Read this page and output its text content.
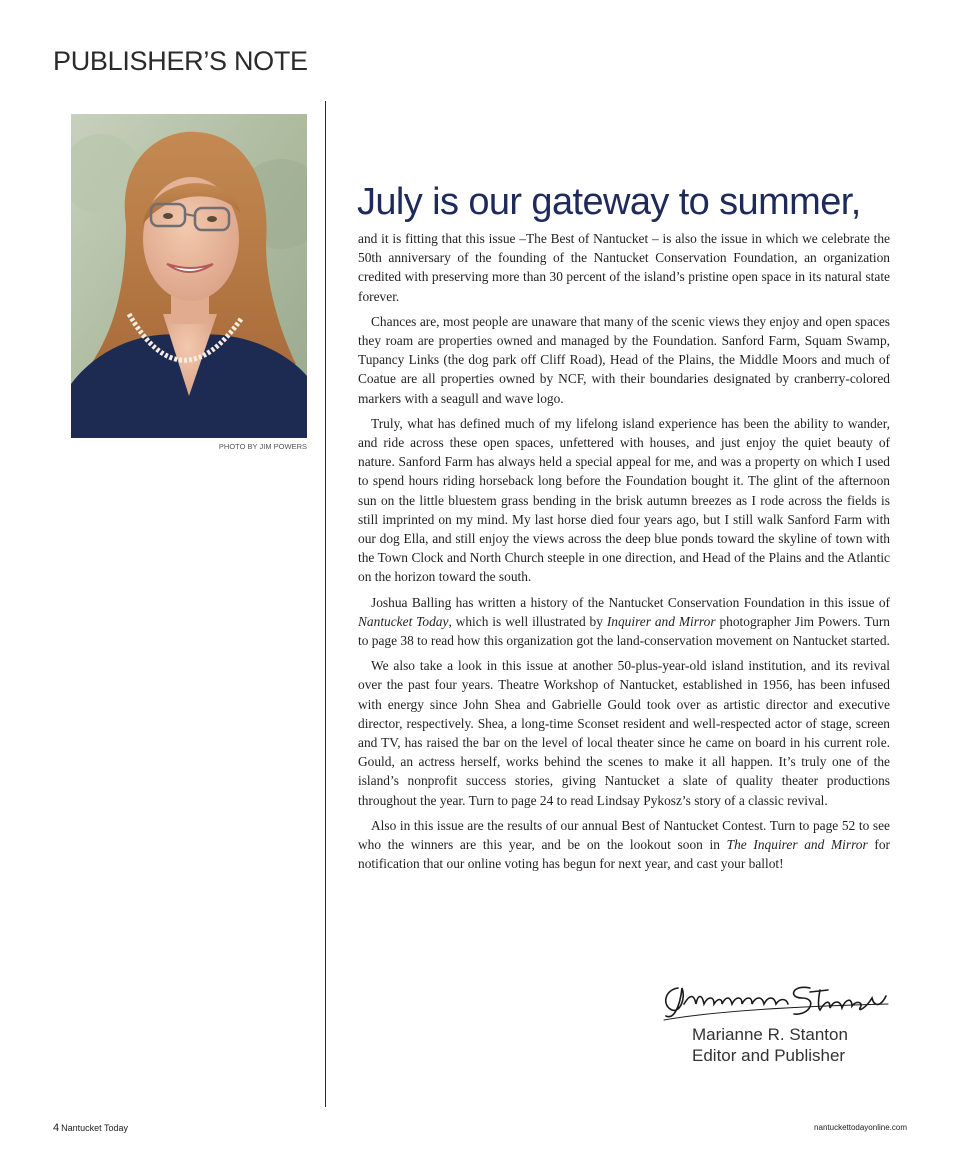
PUBLISHER’S NOTE
PHOTO BY JIM POWERS
July is our gateway to summer,

and it is fitting that this issue –The Best of Nantucket – is also the issue in which we celebrate the 50th anniversary of the founding of the Nantucket Conservation Foundation, an organization credited with preserving more than 30 percent of the island’s pristine open space in its natural state forever.

Chances are, most people are unaware that many of the scenic views they enjoy and open spaces they roam are properties owned and managed by the Foundation. Sanford Farm, Squam Swamp, Tupancy Links (the dog park off Cliff Road), Head of the Plains, the Middle Moors and much of Coatue are all properties owned by NCF, with their boundaries designated by cranberry-colored markers with a seagull and wave logo.

Truly, what has defined much of my lifelong island experience has been the ability to wander, and ride across these open spaces, unfettered with houses, and just enjoy the quiet beauty of nature. Sanford Farm has always held a special appeal for me, and was a property on which I used to spend hours riding horseback long before the Foundation bought it. The glint of the afternoon sun on the little bluestem grass bending in the brisk autumn breezes as I rode across the fields is still imprinted on my mind. My last horse died four years ago, but I still walk Sanford Farm with our dog Ella, and still enjoy the views across the deep blue ponds toward the skyline of town with the Town Clock and North Church steeple in one direction, and Head of the Plains and the Atlantic on the horizon toward the south.

Joshua Balling has written a history of the Nantucket Conservation Foundation in this issue of Nantucket Today, which is well illustrated by Inquirer and Mirror photographer Jim Powers. Turn to page 38 to read how this organization got the land-conservation movement on Nantucket started.

We also take a look in this issue at another 50-plus-year-old island institution, and its revival over the past four years. Theatre Workshop of Nantucket, established in 1956, has been infused with energy since John Shea and Gabrielle Gould took over as artistic director and executive director, respectively. Shea, a long-time Sconset resident and well-respected actor of stage, screen and TV, has raised the bar on the level of local theater since he came on board in his current role. Gould, an actress herself, works behind the scenes to make it all happen. It’s truly one of the island’s nonprofit success stories, giving Nantucket a slate of quality theater productions throughout the year. Turn to page 24 to read Lindsay Pykosz’s story of a classic revival.

Also in this issue are the results of our annual Best of Nantucket Contest. Turn to page 52 to see who the winners are this year, and be on the lookout soon in The Inquirer and Mirror for notification that our online voting has begun for next year, and cast your ballot!

Marianne R. Stanton
Editor and Publisher
4 Nantucket Today	nantuckettodayonline.com
